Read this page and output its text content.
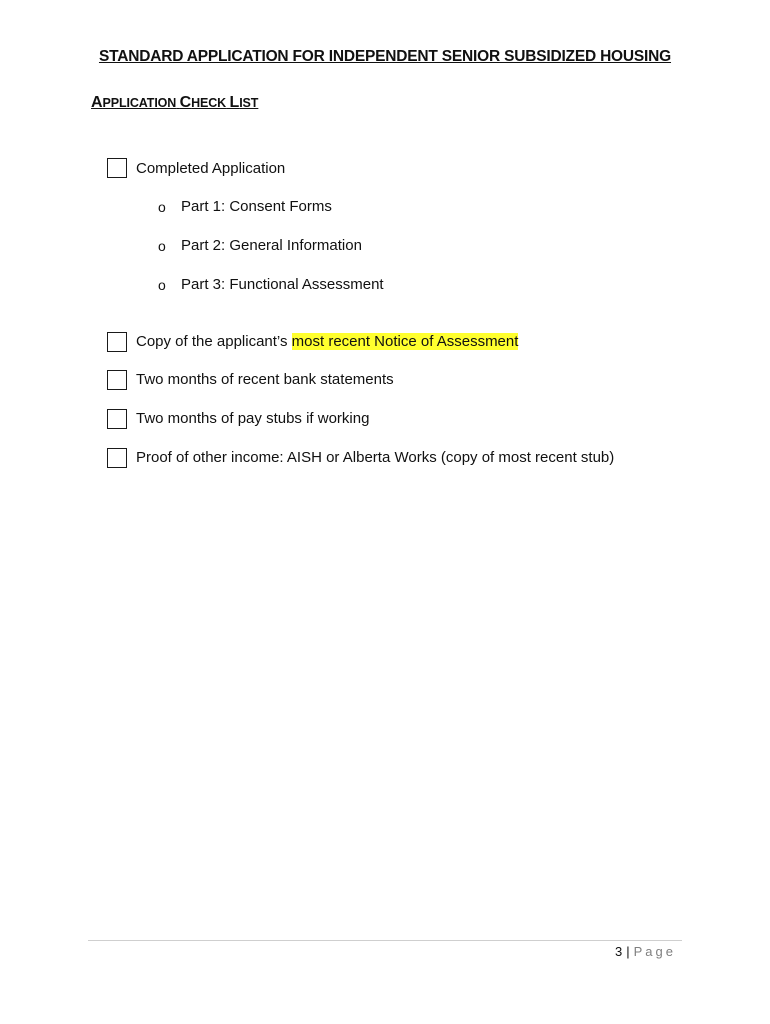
STANDARD APPLICATION FOR INDEPENDENT SENIOR SUBSIDIZED HOUSING
APPLICATION CHECK LIST
Completed Application
o Part 1: Consent Forms
o Part 2: General Information
o Part 3: Functional Assessment
Copy of the applicant’s most recent Notice of Assessment
Two months of recent bank statements
Two months of pay stubs if working
Proof of other income: AISH or Alberta Works (copy of most recent stub)
3 | Page
